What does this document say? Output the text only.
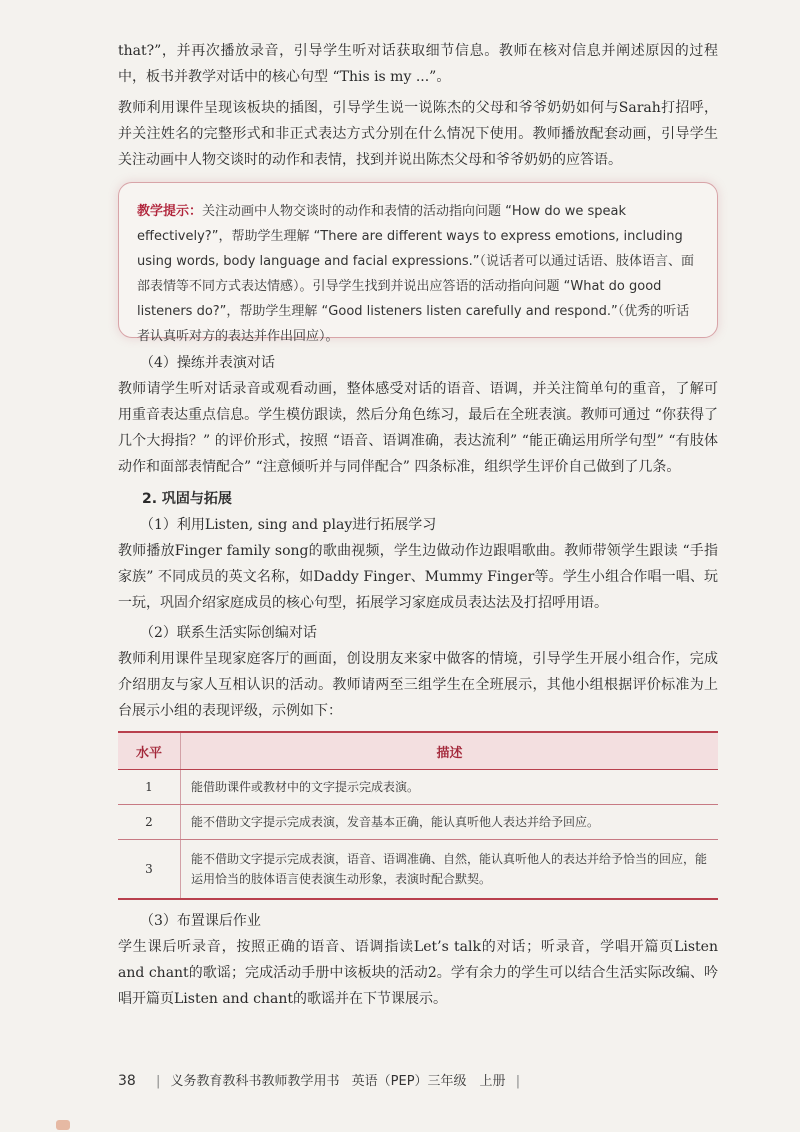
that?”，并再次播放录音，引导学生听对话获取细节信息。教师在核对信息并阐述原因的过程中，板书并教学对话中的核心句型 “This is my ...”。

教师利用课件呈现该板块的插图，引导学生说一说陈杰的父母和爷爷奶奶如何与Sarah打招呼，并关注姓名的完整形式和非正式表达方式分别在什么情况下使用。教师播放配套动画，引导学生关注动画中人物交谈时的动作和表情，找到并说出陈杰父母和爷爷奶奶的应答语。

教学提示：关注动画中人物交谈时的动作和表情的活动指向问题 “How do we speak effectively?”，帮助学生理解 “There are different ways to express emotions, including using words, body language and facial expressions.”（说话者可以通过话语、肢体语言、面部表情等不同方式表达情感）。引导学生找到并说出应答语的活动指向问题 “What do good listeners do?”，帮助学生理解 “Good listeners listen carefully and respond.”（优秀的听话者认真听对方的表达并作出回应）。

（4）操练并表演对话

教师请学生听对话录音或观看动画，整体感受对话的语音、语调，并关注简单句的重音，了解可用重音表达重点信息。学生模仿跟读，然后分角色练习，最后在全班表演。教师可通过 “你获得了几个大拇指？” 的评价形式，按照 “语音、语调准确，表达流利” “能正确运用所学句型” “有肢体动作和面部表情配合” “注意倾听并与同伴配合” 四条标准，组织学生评价自己做到了几条。

2. 巩固与拓展

（1）利用Listen, sing and play进行拓展学习

教师播放Finger family song的歌曲视频，学生边做动作边跟唱歌曲。教师带领学生跟读 “手指家族” 不同成员的英文名称，如Daddy Finger、Mummy Finger等。学生小组合作唱一唱、玩一玩，巩固介绍家庭成员的核心句型，拓展学习家庭成员表达法及打招呼用语。

（2）联系生活实际创编对话

教师利用课件呈现家庭客厅的画面，创设朋友来家中做客的情境，引导学生开展小组合作，完成介绍朋友与家人互相认识的活动。教师请两至三组学生在全班展示，其他小组根据评价标准为上台展示小组的表现评级，示例如下：

水平	描述
1	能借助课件或教材中的文字提示完成表演。
2	能不借助文字提示完成表演，发音基本正确，能认真听他人表达并给予回应。
3	能不借助文字提示完成表演，语音、语调准确、自然，能认真听他人的表达并给予恰当的回应，能运用恰当的肢体语言使表演生动形象，表演时配合默契。

（3）布置课后作业

学生课后听录音，按照正确的语音、语调指读Let’s talk的对话；听录音，学唱开篇页Listen and chant的歌谣；完成活动手册中该板块的活动2。学有余力的学生可以结合生活实际改编、吟唱开篇页Listen and chant的歌谣并在下节课展示。

38 | 义务教育教科书教师教学用书 英语（PEP）三年级　上册 |
